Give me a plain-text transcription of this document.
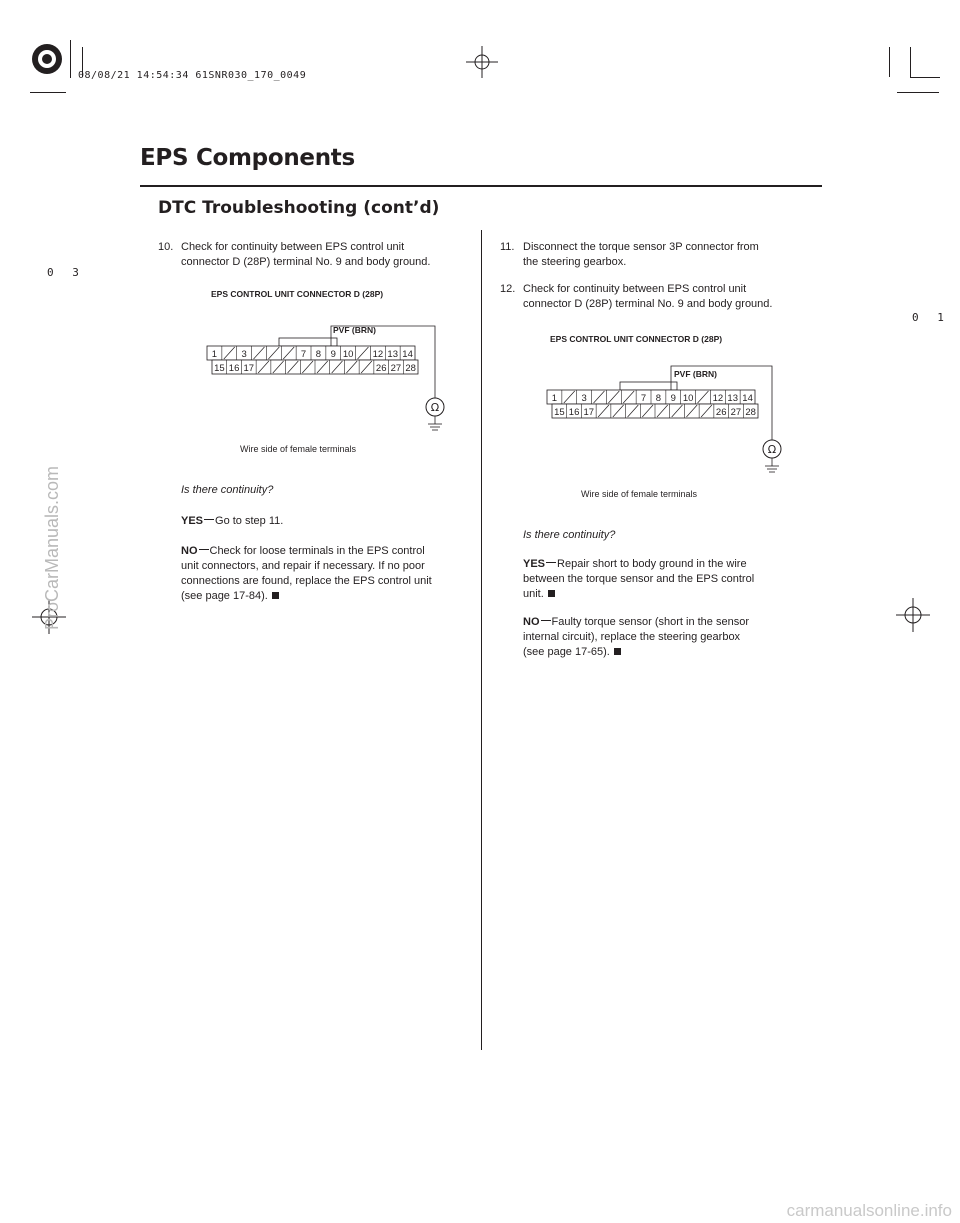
08/08/21 14:54:34 61SNR030_170_0049
0 3
0 1
EPS Components
DTC Troubleshooting (cont’d)
10. Check for continuity between EPS control unit
connector D (28P) terminal No. 9 and body ground.
EPS CONTROL UNIT CONNECTOR D (28P)
1	3	7 8 9 10 12 13 14
15 16 17	26 27 28
Ω
PVF (BRN)
Wire side of female terminals
Is there continuity?
YES Go to step 11.
NO Check for loose terminals in the EPS control
unit connectors, and repair if necessary. If no poor
connections are found, replace the EPS control unit
(see page 17-84).
11. Disconnect the torque sensor 3P connector from
the steering gearbox.
12. Check for continuity between EPS control unit
connector D (28P) terminal No. 9 and body ground.
EPS CONTROL UNIT CONNECTOR D (28P)
1	3	7 8 9 10 12 13 14
15 16 17	26 27 28
Ω
PVF (BRN)
Wire side of female terminals
Is there continuity?
YES Repair short to body ground in the wire
between the torque sensor and the EPS control
unit.
NO Faulty torque sensor (short in the sensor
internal circuit), replace the steering gearbox
(see page 17-65).
ProCarManuals.com
carmanualsonline.info
